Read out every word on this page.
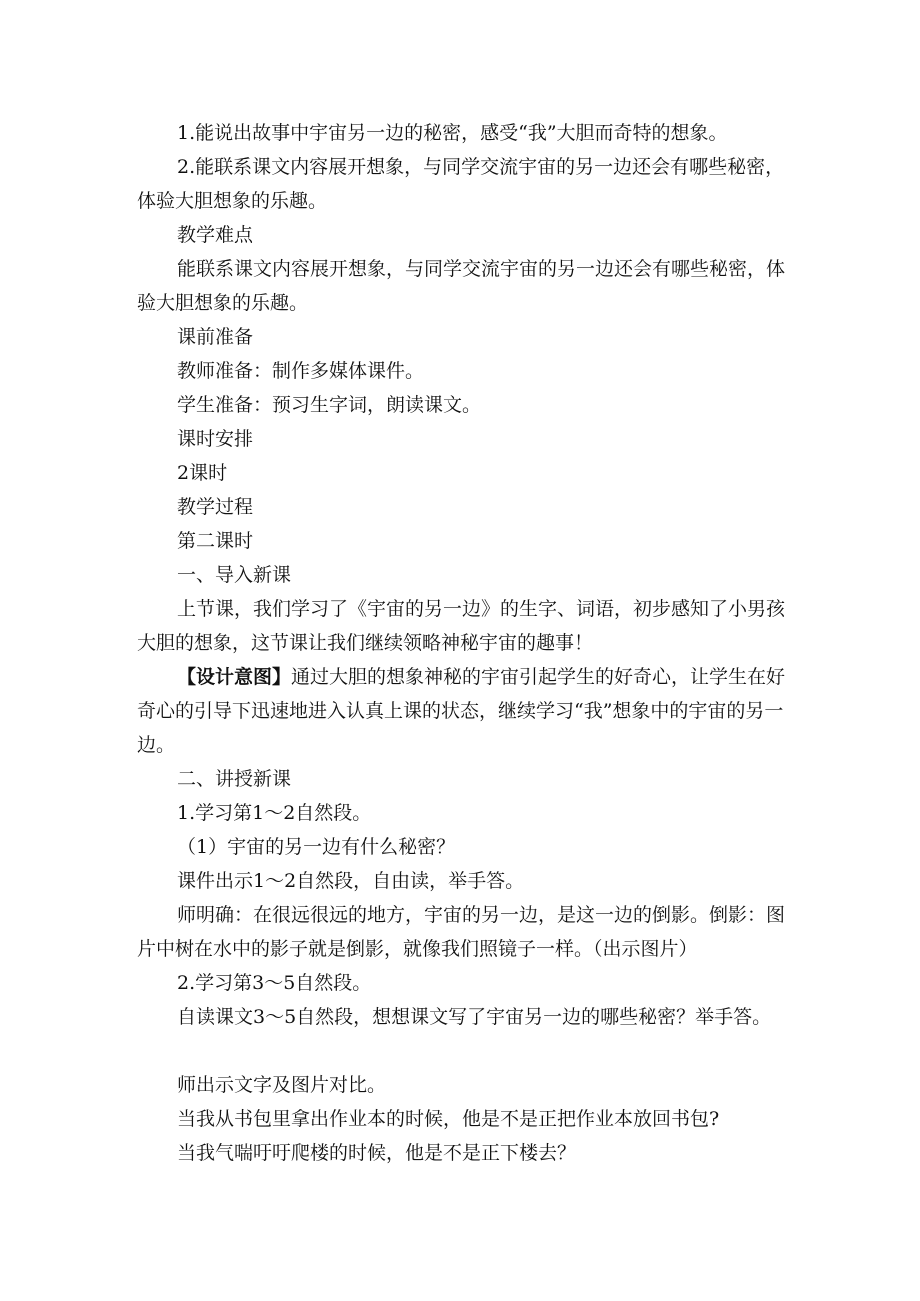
1.能说出故事中宇宙另一边的秘密，感受“我”大胆而奇特的想象。

2.能联系课文内容展开想象，与同学交流宇宙的另一边还会有哪些秘密，体验大胆想象的乐趣。

教学难点

能联系课文内容展开想象，与同学交流宇宙的另一边还会有哪些秘密，体验大胆想象的乐趣。

课前准备

教师准备：制作多媒体课件。

学生准备：预习生字词，朗读课文。

课时安排

2课时

教学过程

第二课时

一、导入新课

上节课，我们学习了《宇宙的另一边》的生字、词语，初步感知了小男孩大胆的想象，这节课让我们继续领略神秘宇宙的趣事！

【设计意图】通过大胆的想象神秘的宇宙引起学生的好奇心，让学生在好奇心的引导下迅速地进入认真上课的状态，继续学习“我”想象中的宇宙的另一边。

二、讲授新课

1.学习第1～2自然段。

（1）宇宙的另一边有什么秘密？

课件出示1～2自然段，自由读，举手答。

师明确：在很远很远的地方，宇宙的另一边，是这一边的倒影。倒影：图片中树在水中的影子就是倒影，就像我们照镜子一样。（出示图片）

2.学习第3～5自然段。

自读课文3～5自然段，想想课文写了宇宙另一边的哪些秘密？举手答。

师出示文字及图片对比。

当我从书包里拿出作业本的时候，他是不是正把作业本放回书包?

当我气喘吁吁爬楼的时候，他是不是正下楼去？
